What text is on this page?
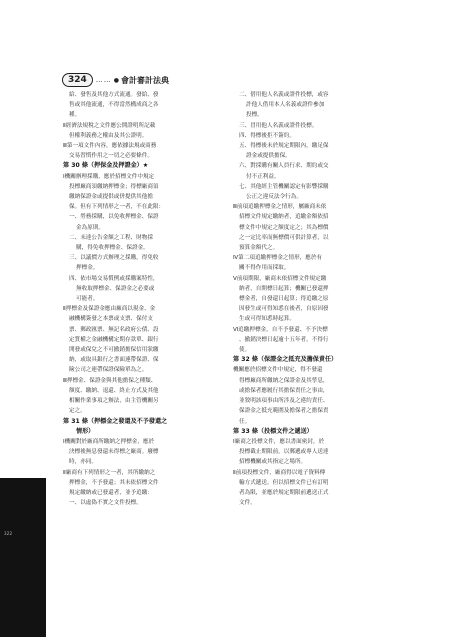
322
324	…… ● 會計審計法典
給、發售及其他方式流通。發給、發
售或其他流通，不得當然構成商之各
種。
Ⅱ經濟法規稅之文件應公開證明所記載
但權利義務之權由及其公證明。
Ⅲ第一項文件內容，應依據法規或商務
交易習慣作用之一切之必要條件。
第 30 條（押保金及押證金）★
Ⅰ機關辦理採購，應於招標文件中規定
投標廠商須繳納押標金；得標廠商須
繳納保證金或提供或併提供其他擔
保。但有下列情形之一者，不在此限：
一、勞務採購，以免收押標金、保證
金為原則。
二、未達公告金額之工程、財物採
購，得免收押標金、保證金。
三、以議價方式辦理之採購，得免收
押標金。
四、依市場交易慣例或採購案特性，
無收取押標金、保證金之必要或
可能者。
Ⅱ押標金及保證金應由廠商以現金、金
融機構簽發之本票或支票、保付支
票、郵政匯票、無記名政府公債、設
定質權之金融機構定期存款單、銀行
開發或保兌之不可撤銷擔保信用狀繳
納，或取具銀行之書面連帶保證、保
險公司之連帶保證保險單為之。
Ⅲ押標金、保證金與其他擔保之種類、
額度、繳納、退還、終止方式及其他
相關作業事項之辦法，由主管機關另
定之。
第 31 條（押標金之發還及不予發還之
情形）
Ⅰ機關對於廠商所繳納之押標金，應於
決標後無息發還未得標之廠商。廢標
時，亦同。
Ⅱ廠商有下列情形之一者，其所繳納之
押標金，不予發還；其未依招標文件
規定繳納或已發還者，並予追繳：
一、以虛偽不實之文件投標。
二、借用他人名義或證件投標，或容
許他人借用本人名義或證件參加
投標。
三、冒用他人名義或證件投標。
四、得標後拒不簽約。
五、得標後未於規定期限內，繳足保
證金或提供擔保。
六、對採購有關人員行求、期約或交
付不正利益。
七、其他經主管機關認定有影響採購
公正之違反法令行為。
Ⅲ前項追繳押標金之情形，屬廠商未依
招標文件規定繳納者，追繳金額依招
標文件中規定之額度定之；其為標價
之一定比率而無標價可供計算者，以
預算金額代之。
Ⅳ第二項追繳押標金之情形，應於有
關不得作用而採取。
Ⅴ前項期限，廠商未依招標文件規定繳
納者，自開標日起算；機關已發還押
標金者，自發還日起算；得追繳之原
因發生或可得知悉在後者，自原因發
生或可得知悉時起算。
Ⅵ追繳押標金，自不予發還、不予決標
、撤銷決標日起逾十五年者，不得行
使。
第 32 條（保證金之抵充及擔保責任）
機關應於招標文件中規定，得不發還
得標廠商所繳納之保證金及其孳息，
或擔保者應履行其擔保責任之事由，
並敘明該項事由所涉及之違約責任、
保證金之抵充範圍及擔保者之擔保責
任。
第 33 條（投標文件之遞送）
Ⅰ廠商之投標文件，應以書面密封，於
投標截止期限前，以郵遞或專人送達
招標機關或其指定之場所。
Ⅱ前項投標文件，廠商得以電子資料傳
輸方式遞送。但以招標文件已有訂明
者為限，並應於規定期限前遞送正式
文件。
